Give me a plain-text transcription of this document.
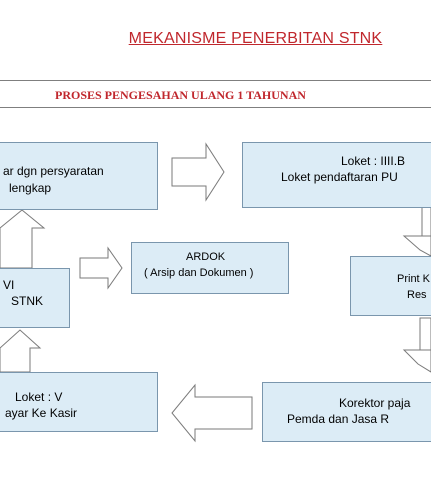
MEKANISME PENERBITAN STNK
PROSES PENGESAHAN ULANG 1 TAHUNAN
ar dgn persyaratan
lengkap
Loket : IIII.B
Loket pendaftaran PU
ARDOK
( Arsip dan Dokumen )
VI
STNK
Print K
Res
Loket : V
ayar Ke Kasir
Korektor paja
Pemda dan Jasa R
